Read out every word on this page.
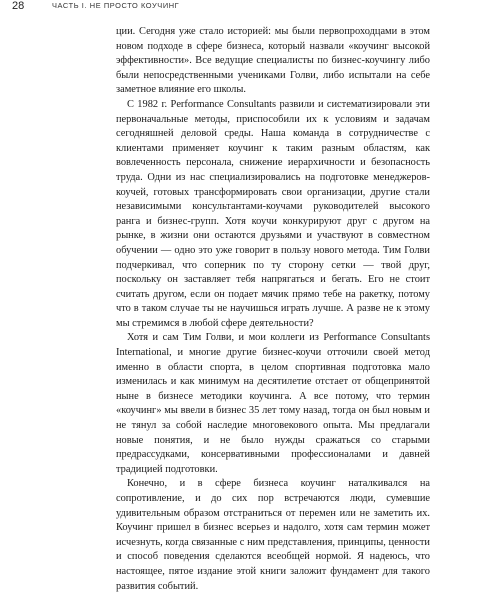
28	ЧАСТЬ I. НЕ ПРОСТО КОУЧИНГ

ции. Сегодня уже стало историей: мы были первопроходцами в этом новом подходе в сфере бизнеса, который назвали «коучинг высокой эффективности». Все ведущие специалисты по бизнес-коучингу либо были непосредственными учениками Голви, либо испытали на себе заметное влияние его школы.

С 1982 г. Performance Consultants развили и систематизировали эти первоначальные методы, приспособили их к условиям и задачам сегодняшней деловой среды. Наша команда в сотрудничестве с клиентами применяет коучинг к таким разным областям, как вовлеченность персонала, снижение иерархичности и безопасность труда. Одни из нас специализировались на подготовке менеджеров-коучей, готовых трансформировать свои организации, другие стали независимыми консультантами-коучами руководителей высокого ранга и бизнес-групп. Хотя коучи конкурируют друг с другом на рынке, в жизни они остаются друзьями и участвуют в совместном обучении — одно это уже говорит в пользу нового метода. Тим Голви подчеркивал, что соперник по ту сторону сетки — твой друг, поскольку он заставляет тебя напрягаться и бегать. Его не стоит считать другом, если он подает мячик прямо тебе на ракетку, потому что в таком случае ты не научишься играть лучше. А разве не к этому мы стремимся в любой сфере деятельности?

Хотя и сам Тим Голви, и мои коллеги из Performance Consultants International, и многие другие бизнес-коучи отточили своей метод именно в области спорта, в целом спортивная подготовка мало изменилась и как минимум на десятилетие отстает от общепринятой ныне в бизнесе методики коучинга. А все потому, что термин «коучинг» мы ввели в бизнес 35 лет тому назад, тогда он был новым и не тянул за собой наследие многовекового опыта. Мы предлагали новые понятия, и не было нужды сражаться со старыми предрассудками, консервативными профессионалами и давней традицией подготовки.

Конечно, и в сфере бизнеса коучинг наталкивался на сопротивление, и до сих пор встречаются люди, сумевшие удивительным образом отстраниться от перемен или не заметить их. Коучинг пришел в бизнес всерьез и надолго, хотя сам термин может исчезнуть, когда связанные с ним представления, принципы, ценности и способ поведения сделаются всеобщей нормой. Я надеюсь, что настоящее, пятое издание этой книги заложит фундамент для такого развития событий.
